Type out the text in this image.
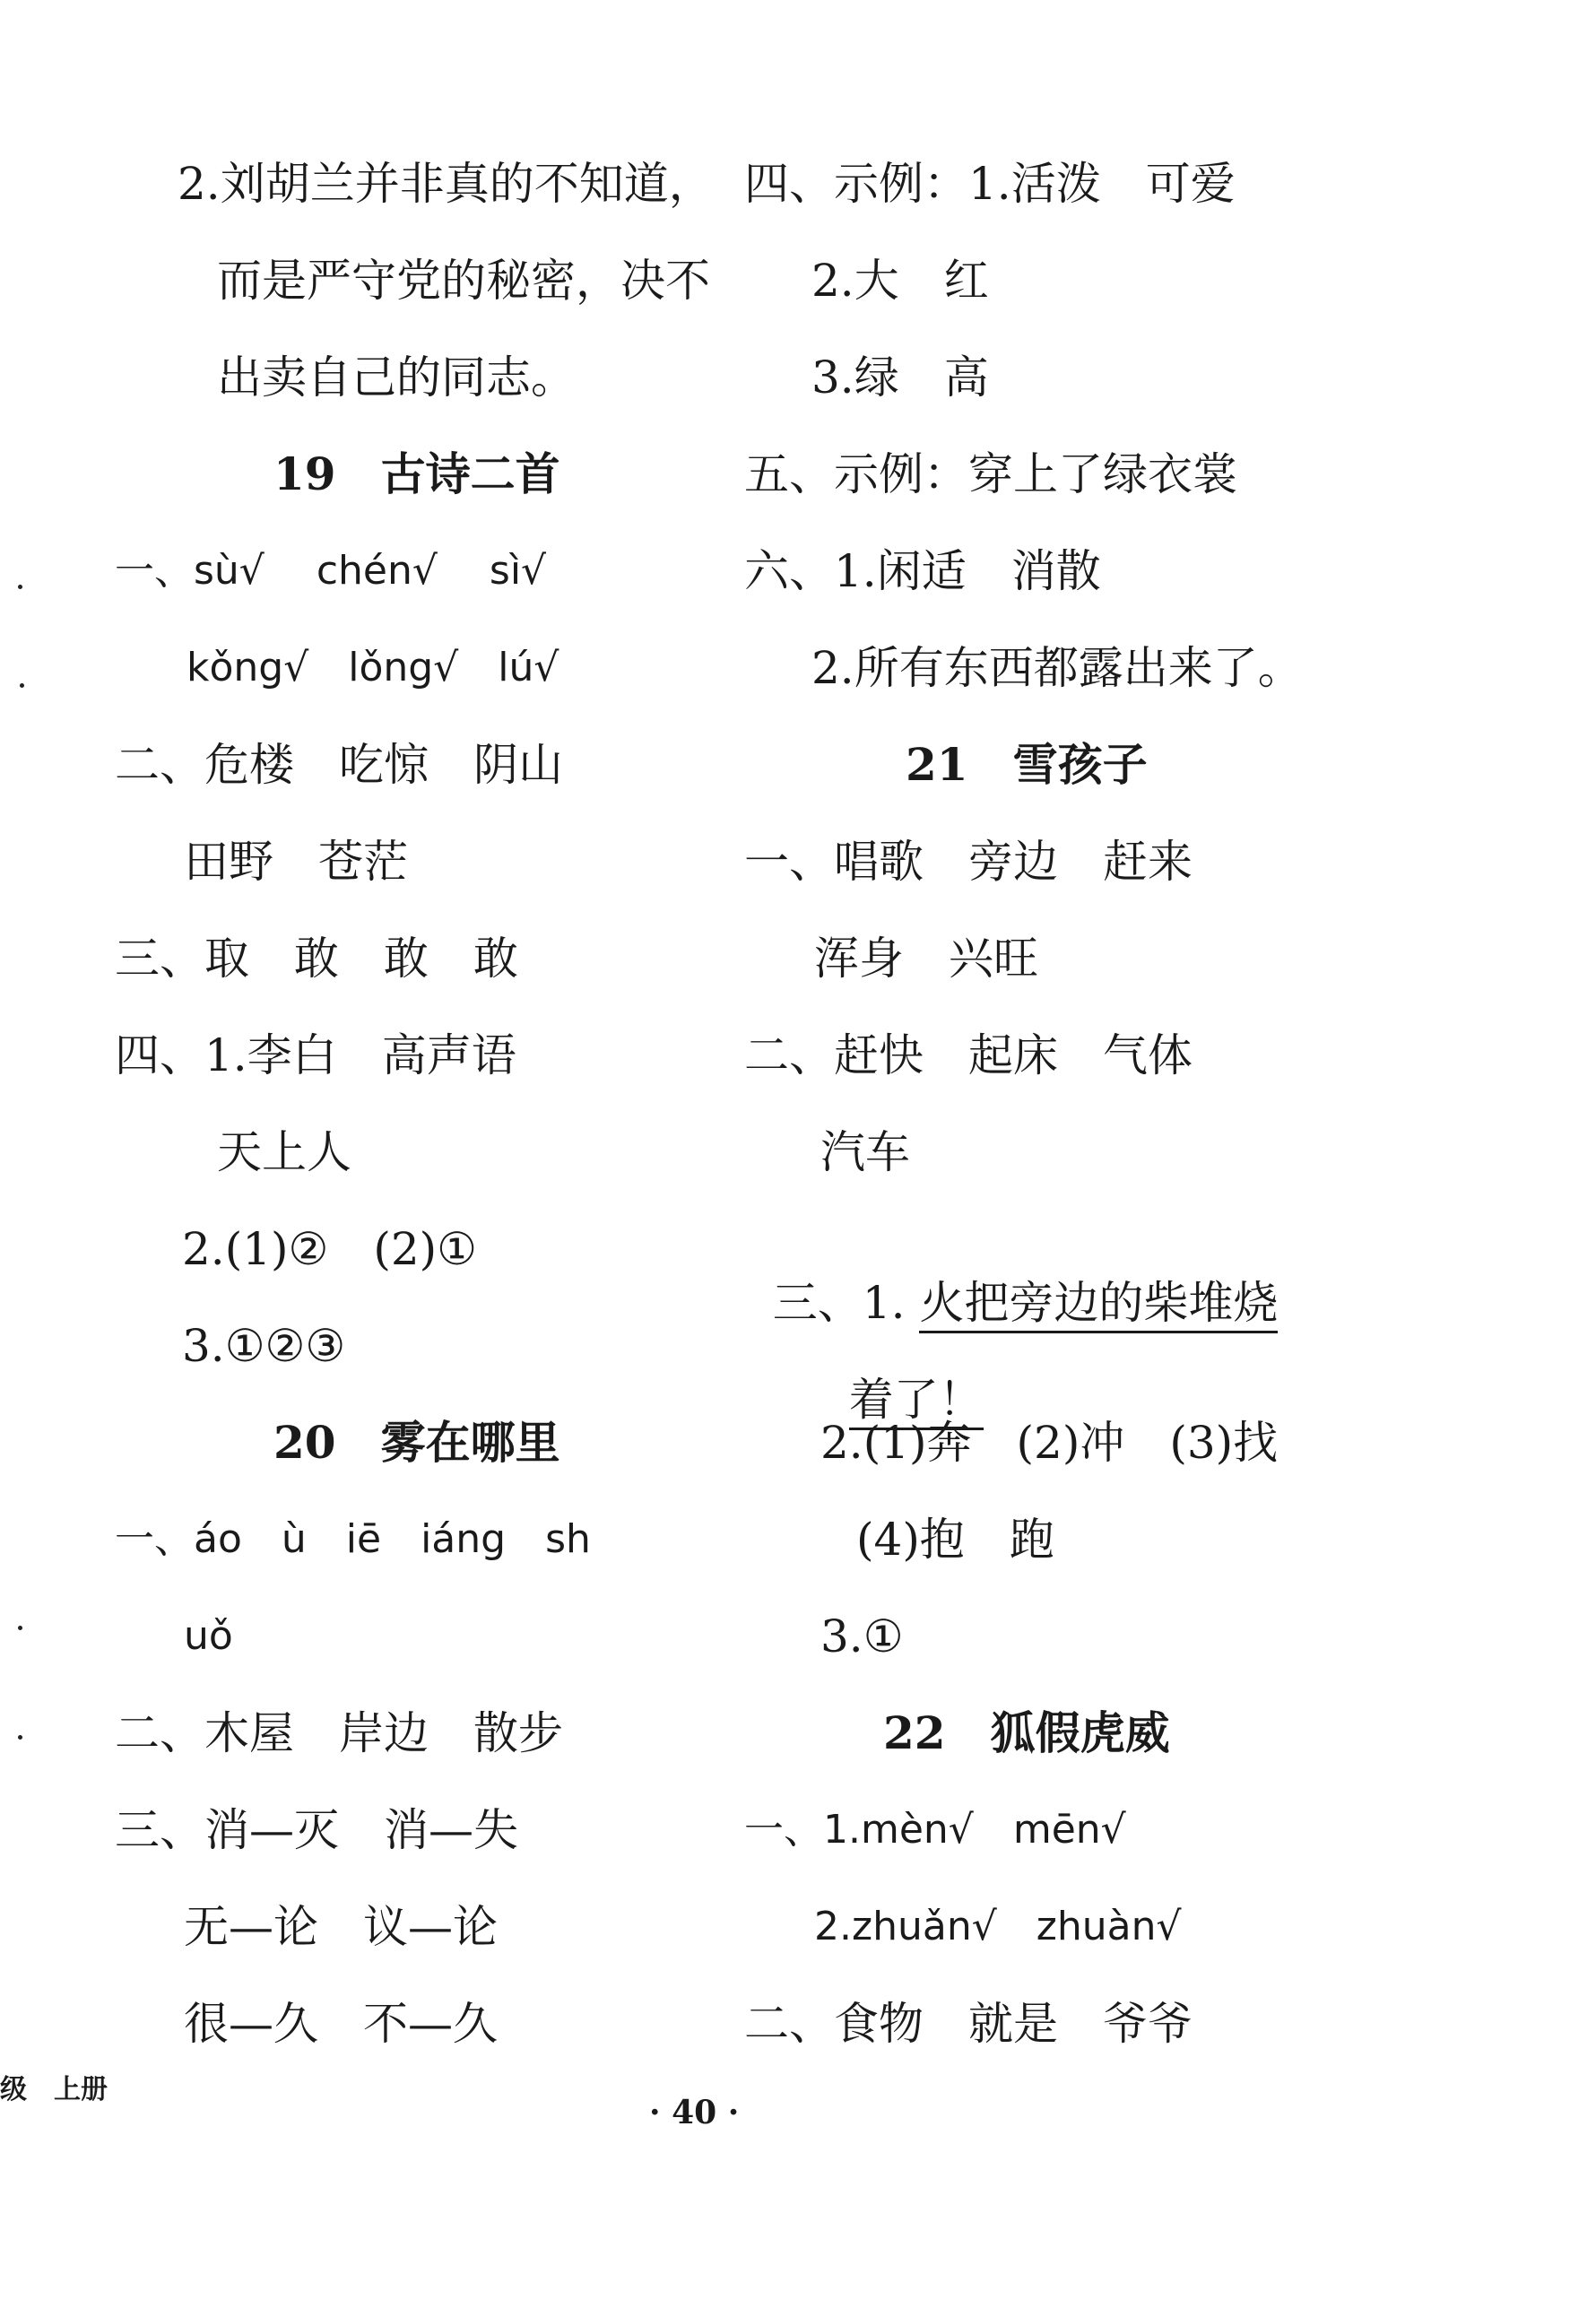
2.刘胡兰并非真的不知道，
而是严守党的秘密，决不
出卖自己的同志。
19　古诗二首
一、sù√　 chén√　 sì√
kǒng√　lǒng√　lú√
二、危楼　吃惊　阴山
田野　苍茫
三、取　敢　敢　敢
四、1.李白　高声语
天上人
2.(1)②　(2)①
3.①②③
20　雾在哪里
一、áo　ù　iē　iáng　sh
uǒ
二、木屋　岸边　散步
三、消—灭　消—失
无—论　议—论
很—久　不—久
四、示例：1.活泼　可爱
2.大　红
3.绿　高
五、示例：穿上了绿衣裳
六、1.闲适　消散
2.所有东西都露出来了。
21　雪孩子
一、唱歌　旁边　赶来
浑身　兴旺
二、赶快　起床　气体
汽车

三、1. 火把旁边的柴堆烧

着了！

2.(1)奔　(2)冲　(3)找
(4)抱　跑
3.①
22　狐假虎威
一、1.mèn√　mēn√
2.zhuǎn√　zhuàn√
二、食物　就是　爷爷
级　上册
· 40 ·
